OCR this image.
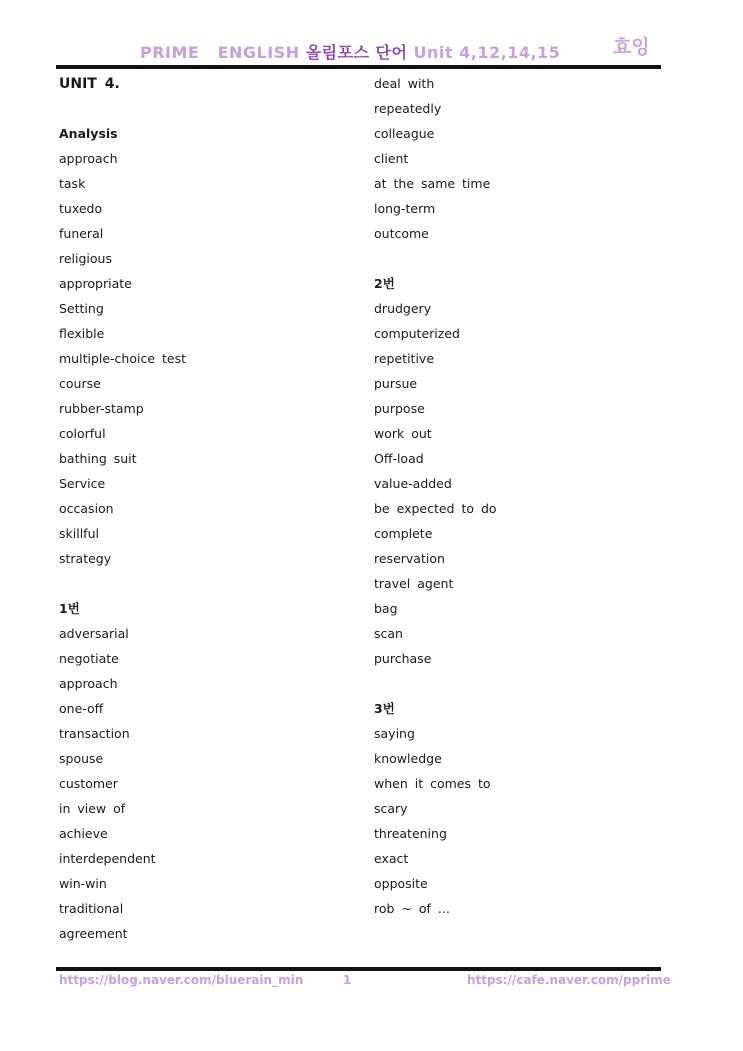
PRIME   ENGLISH 올림포스 단어 Unit 4,12,14,15	효잉
UNIT 4.
Analysis
approach
task
tuxedo
funeral
religious
appropriate
Setting
flexible
multiple-choice test
course
rubber-stamp
colorful
bathing suit
Service
occasion
skillful
strategy
1번
adversarial
negotiate
approach
one-off
transaction
spouse
customer
in view of
achieve
interdependent
win-win
traditional
agreement
deal with
repeatedly
colleague
client
at the same time
long-term
outcome
2번
drudgery
computerized
repetitive
pursue
purpose
work out
Off-load
value-added
be expected to do
complete
reservation
travel agent
bag
scan
purchase
3번
saying
knowledge
when it comes to
scary
threatening
exact
opposite
rob ~ of ...
https://blog.naver.com/bluerain_min	1	https://cafe.naver.com/pprime
